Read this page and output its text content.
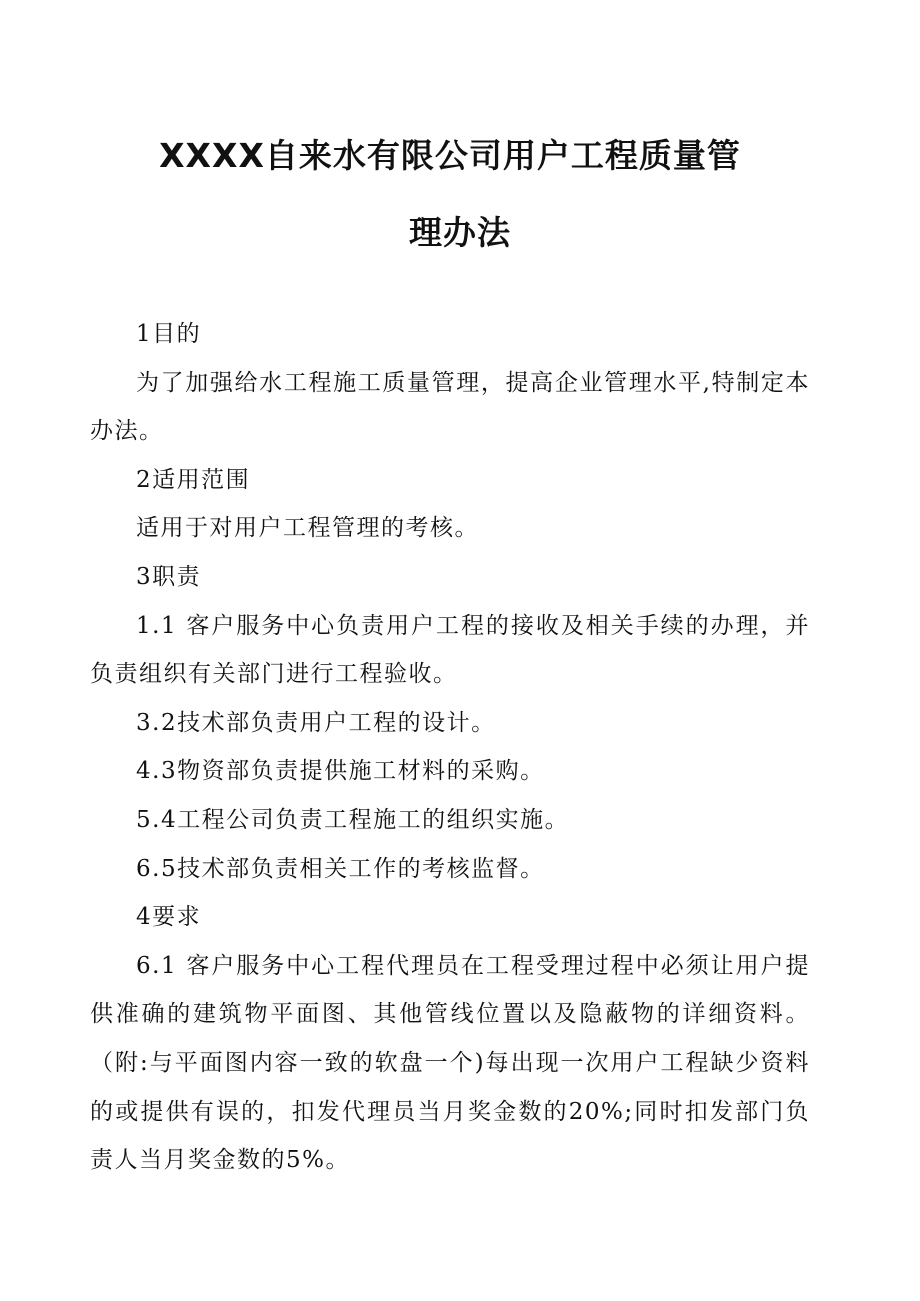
XXXX自来水有限公司用户工程质量管
理办法

1目的

为了加强给水工程施工质量管理，提高企业管理水平,特制定本办法。

2适用范围

适用于对用户工程管理的考核。

3职责

1.1 客户服务中心负责用户工程的接收及相关手续的办理，并负责组织有关部门进行工程验收。

3.2技术部负责用户工程的设计。

4.3物资部负责提供施工材料的采购。

5.4工程公司负责工程施工的组织实施。

6.5技术部负责相关工作的考核监督。

4要求

6.1 客户服务中心工程代理员在工程受理过程中必须让用户提供准确的建筑物平面图、其他管线位置以及隐蔽物的详细资料。（附:与平面图内容一致的软盘一个)每出现一次用户工程缺少资料的或提供有误的，扣发代理员当月奖金数的20%;同时扣发部门负责人当月奖金数的5%。
